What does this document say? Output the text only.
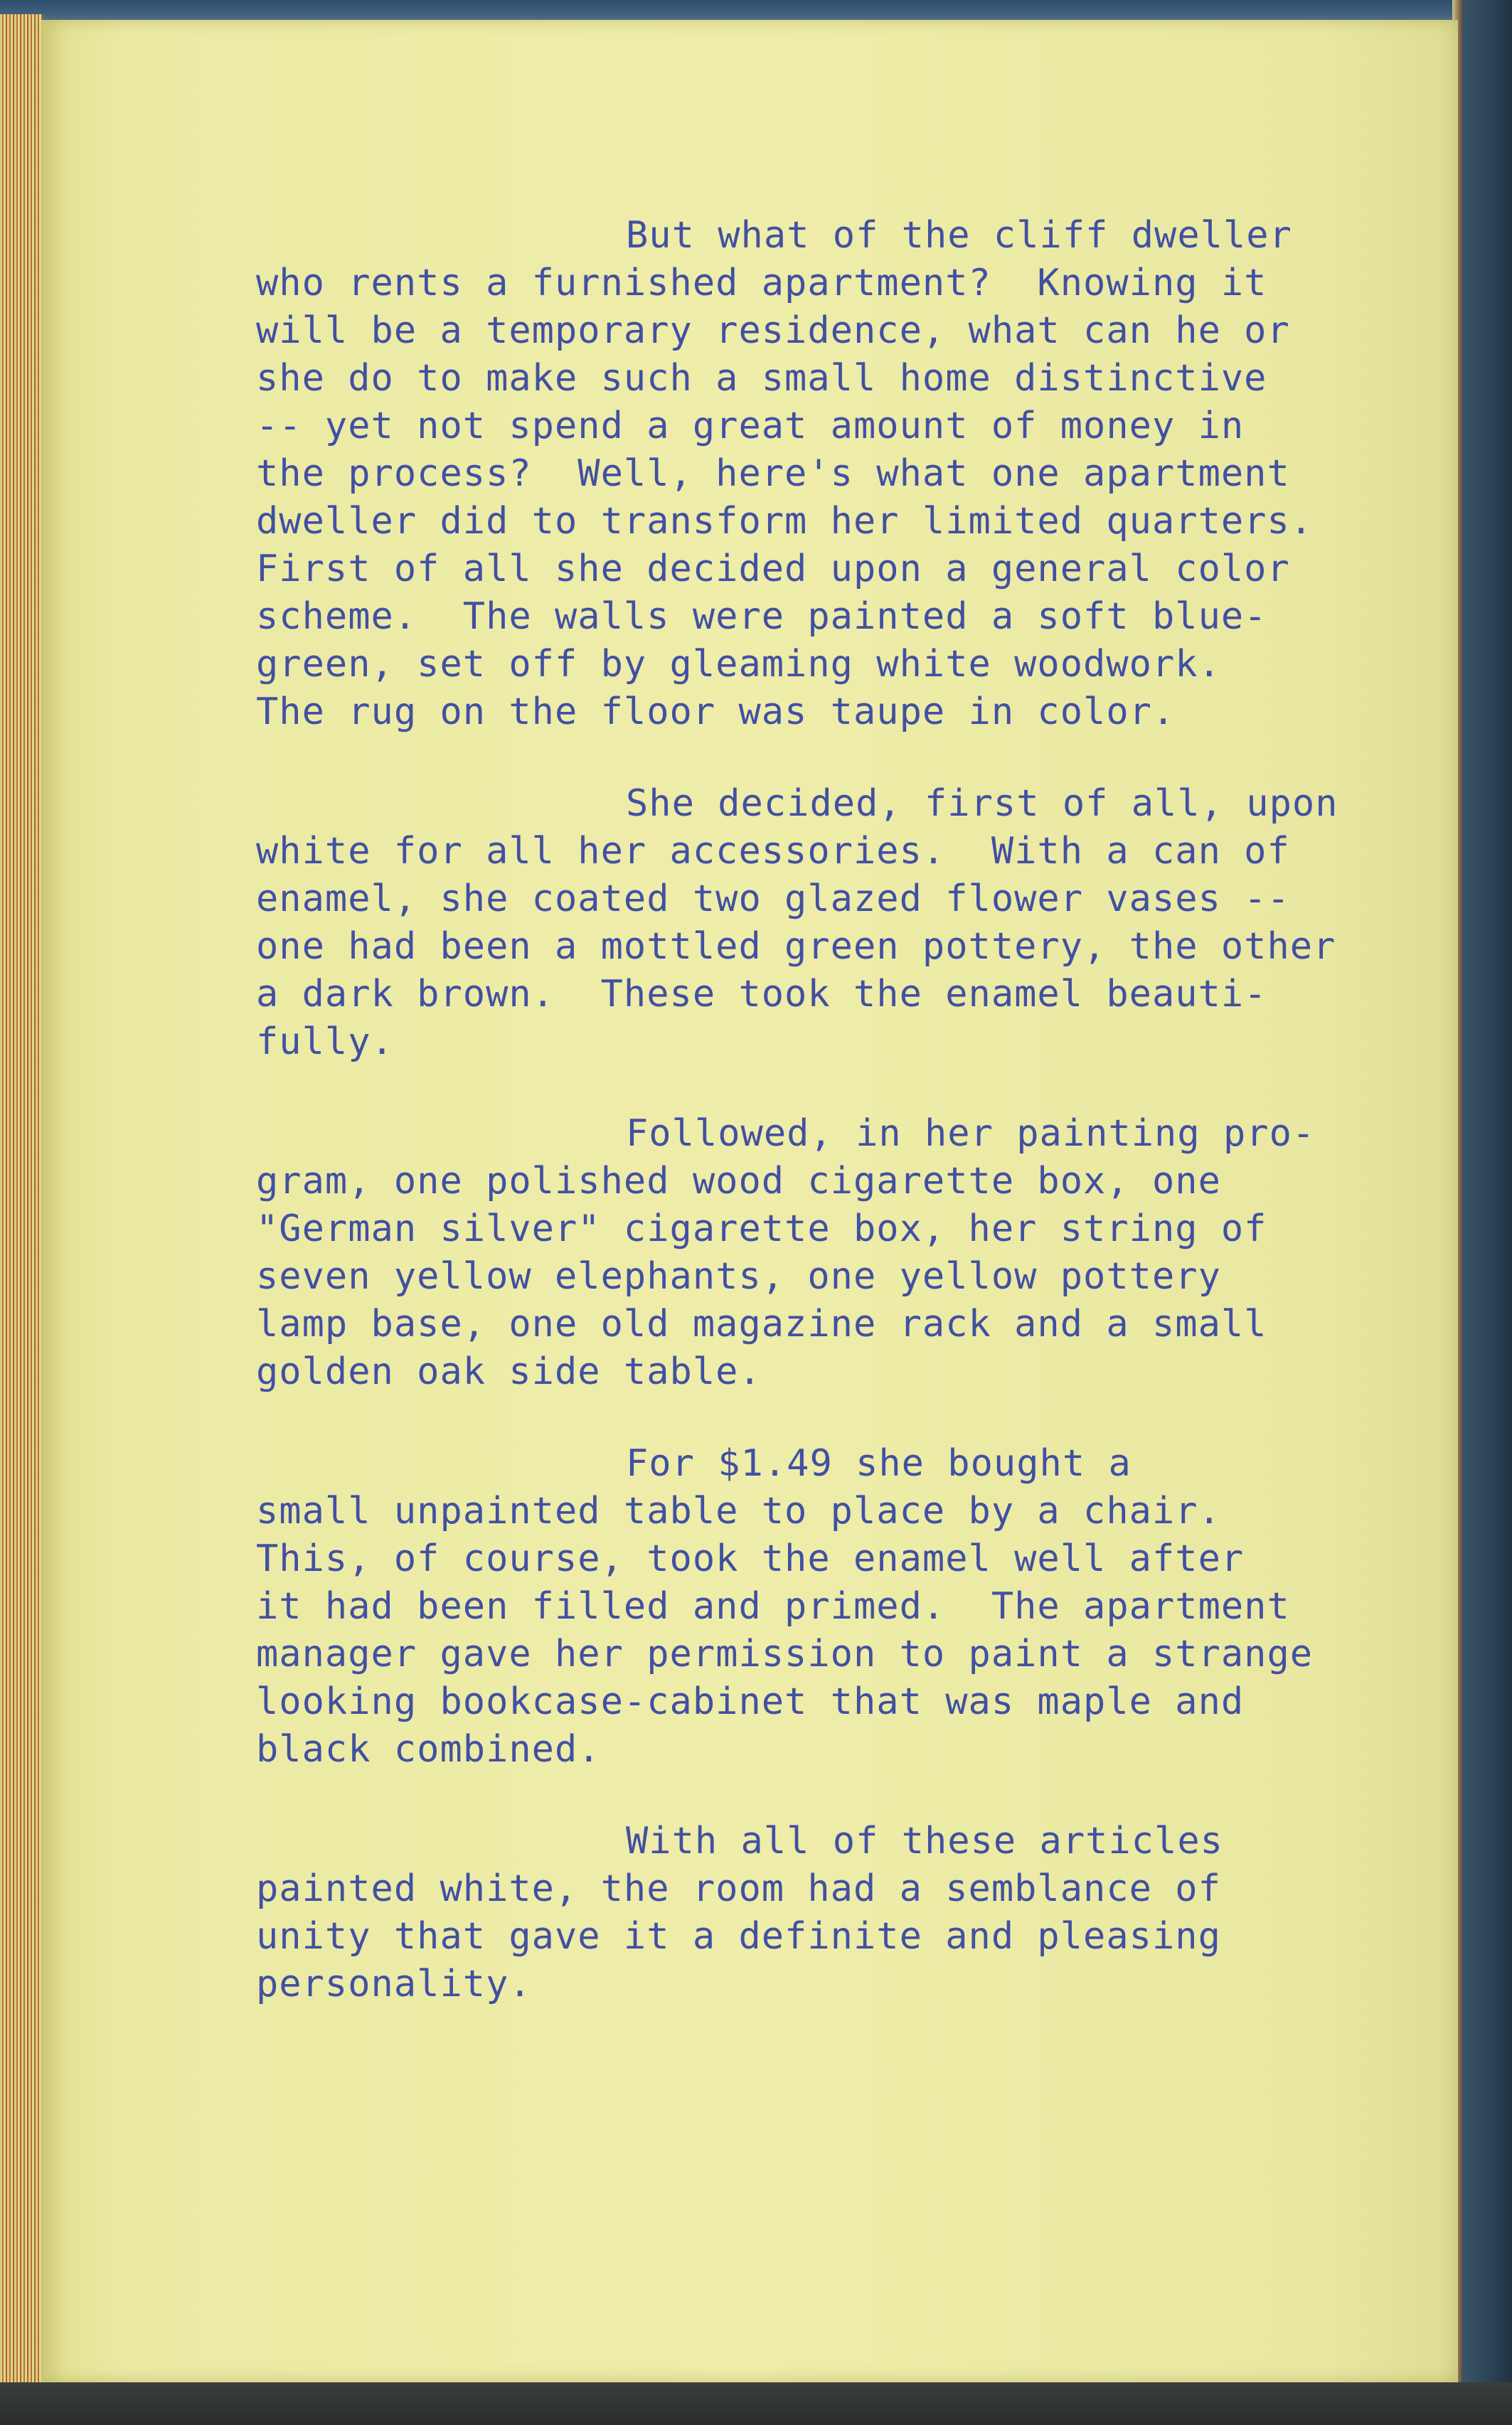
But what of the cliff dweller
who rents a furnished apartment?  Knowing it
will be a temporary residence, what can he or
she do to make such a small home distinctive
-- yet not spend a great amount of money in
the process?  Well, here's what one apartment
dweller did to transform her limited quarters.
First of all she decided upon a general color
scheme.  The walls were painted a soft blue-
green, set off by gleaming white woodwork.
The rug on the floor was taupe in color.
She decided, first of all, upon
white for all her accessories.  With a can of
enamel, she coated two glazed flower vases --
one had been a mottled green pottery, the other
a dark brown.  These took the enamel beauti-
fully.
Followed, in her painting pro-
gram, one polished wood cigarette box, one
"German silver" cigarette box, her string of
seven yellow elephants, one yellow pottery
lamp base, one old magazine rack and a small
golden oak side table.
For $1.49 she bought a
small unpainted table to place by a chair.
This, of course, took the enamel well after
it had been filled and primed.  The apartment
manager gave her permission to paint a strange
looking bookcase-cabinet that was maple and
black combined.
With all of these articles
painted white, the room had a semblance of
unity that gave it a definite and pleasing
personality.
